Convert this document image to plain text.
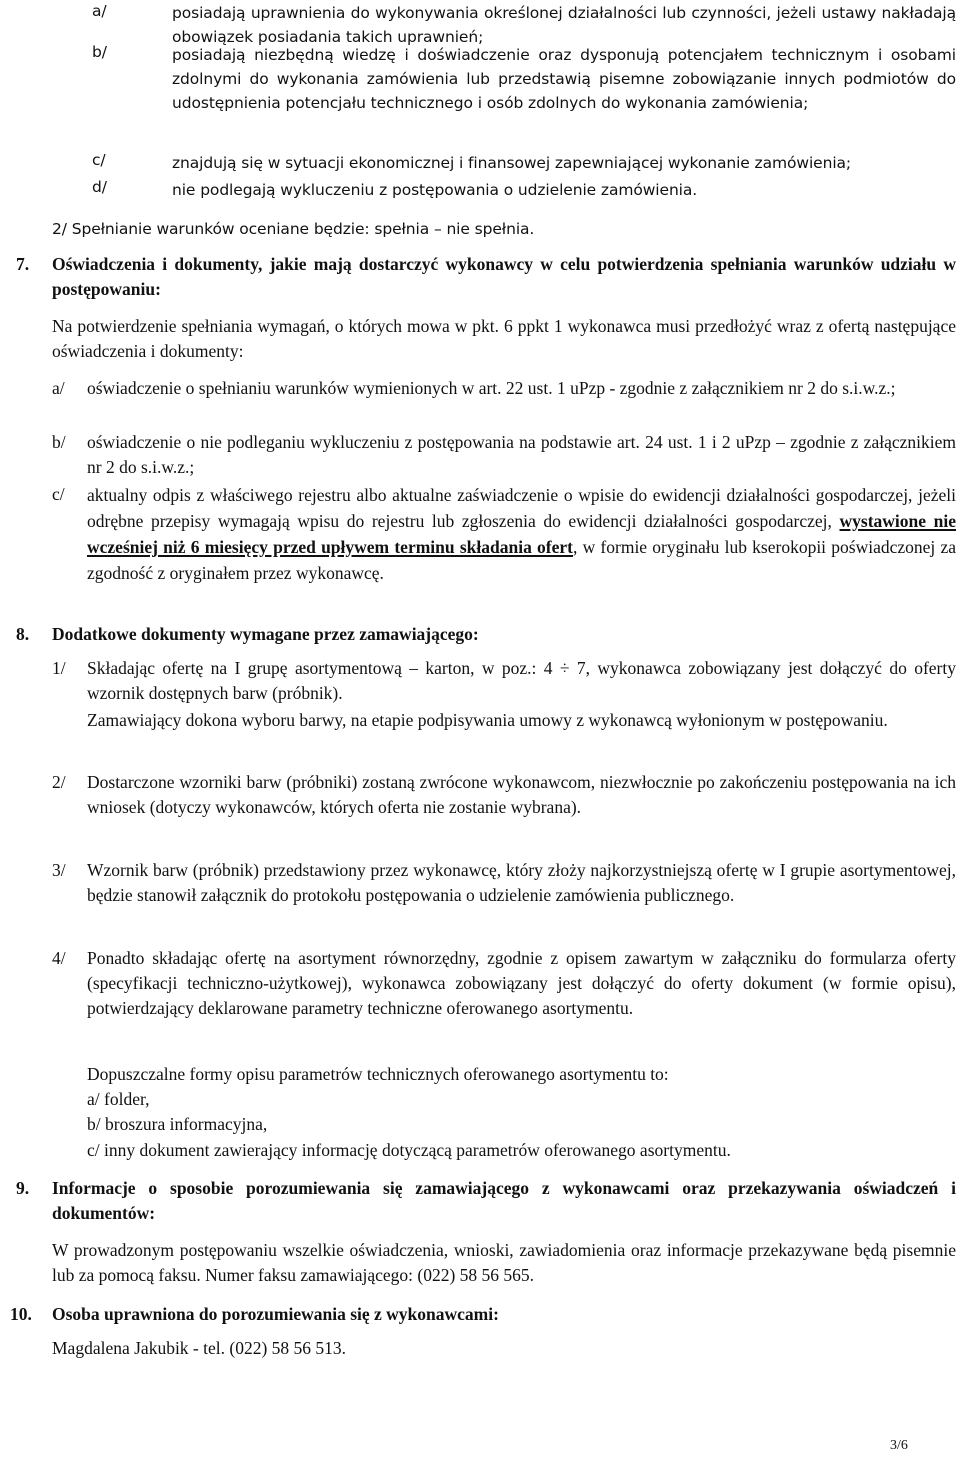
a/	posiadają uprawnienia do wykonywania określonej działalności lub czynności, jeżeli ustawy nakładają obowiązek posiadania takich uprawnień;
b/	posiadają niezbędną wiedzę i doświadczenie oraz dysponują potencjałem technicznym i osobami zdolnymi do wykonania zamówienia lub przedstawią pisemne zobowiązanie innych podmiotów do udostępnienia potencjału technicznego i osób zdolnych do wykonania zamówienia;
c/	znajdują się w sytuacji ekonomicznej i finansowej zapewniającej wykonanie zamówienia;
d/	nie podlegają wykluczeniu z postępowania o udzielenie zamówienia.
2/ Spełnianie warunków oceniane będzie: spełnia – nie spełnia.
7. Oświadczenia i dokumenty, jakie mają dostarczyć wykonawcy w celu potwierdzenia spełniania warunków udziału w postępowaniu:
Na potwierdzenie spełniania wymagań, o których mowa w pkt. 6 ppkt 1 wykonawca musi przedłożyć wraz z ofertą następujące oświadczenia i dokumenty:
a/ oświadczenie o spełnianiu warunków wymienionych w art. 22 ust. 1 uPzp - zgodnie z załącznikiem nr 2 do s.i.w.z.;
b/ oświadczenie o nie podleganiu wykluczeniu z postępowania na podstawie art. 24 ust. 1 i 2 uPzp – zgodnie z załącznikiem nr 2 do s.i.w.z.;
c/ aktualny odpis z właściwego rejestru albo aktualne zaświadczenie o wpisie do ewidencji działalności gospodarczej, jeżeli odrębne przepisy wymagają wpisu do rejestru lub zgłoszenia do ewidencji działalności gospodarczej, wystawione nie wcześniej niż 6 miesięcy przed upływem terminu składania ofert, w formie oryginału lub kserokopii poświadczonej za zgodność z oryginałem przez wykonawcę.
8. Dodatkowe dokumenty wymagane przez zamawiającego:
1/ Składając ofertę na I grupę asortymentową – karton, w poz.: 4 ÷ 7, wykonawca zobowiązany jest dołączyć do oferty wzornik dostępnych barw (próbnik).
Zamawiający dokona wyboru barwy, na etapie podpisywania umowy z wykonawcą wyłonionym w postępowaniu.
2/ Dostarczone wzorniki barw (próbniki) zostaną zwrócone wykonawcom, niezwłocznie po zakończeniu postępowania na ich wniosek (dotyczy wykonawców, których oferta nie zostanie wybrana).
3/ Wzornik barw (próbnik) przedstawiony przez wykonawcę, który złoży najkorzystniejszą ofertę w I grupie asortymentowej, będzie stanowił załącznik do protokołu postępowania o udzielenie zamówienia publicznego.
4/ Ponadto składając ofertę na asortyment równorzędny, zgodnie z opisem zawartym w załączniku do formularza oferty (specyfikacji techniczno-użytkowej), wykonawca zobowiązany jest dołączyć do oferty dokument (w formie opisu), potwierdzający deklarowane parametry techniczne oferowanego asortymentu.
Dopuszczalne formy opisu parametrów technicznych oferowanego asortymentu to:
a/ folder,
b/ broszura informacyjna,
c/ inny dokument zawierający informację dotyczącą parametrów oferowanego asortymentu.
9. Informacje o sposobie porozumiewania się zamawiającego z wykonawcami oraz przekazywania oświadczeń i dokumentów:
W prowadzonym postępowaniu wszelkie oświadczenia, wnioski, zawiadomienia oraz informacje przekazywane będą pisemnie lub za pomocą faksu. Numer faksu zamawiającego: (022) 58 56 565.
10. Osoba uprawniona do porozumiewania się z wykonawcami:
Magdalena Jakubik - tel. (022) 58 56 513.
3/6
